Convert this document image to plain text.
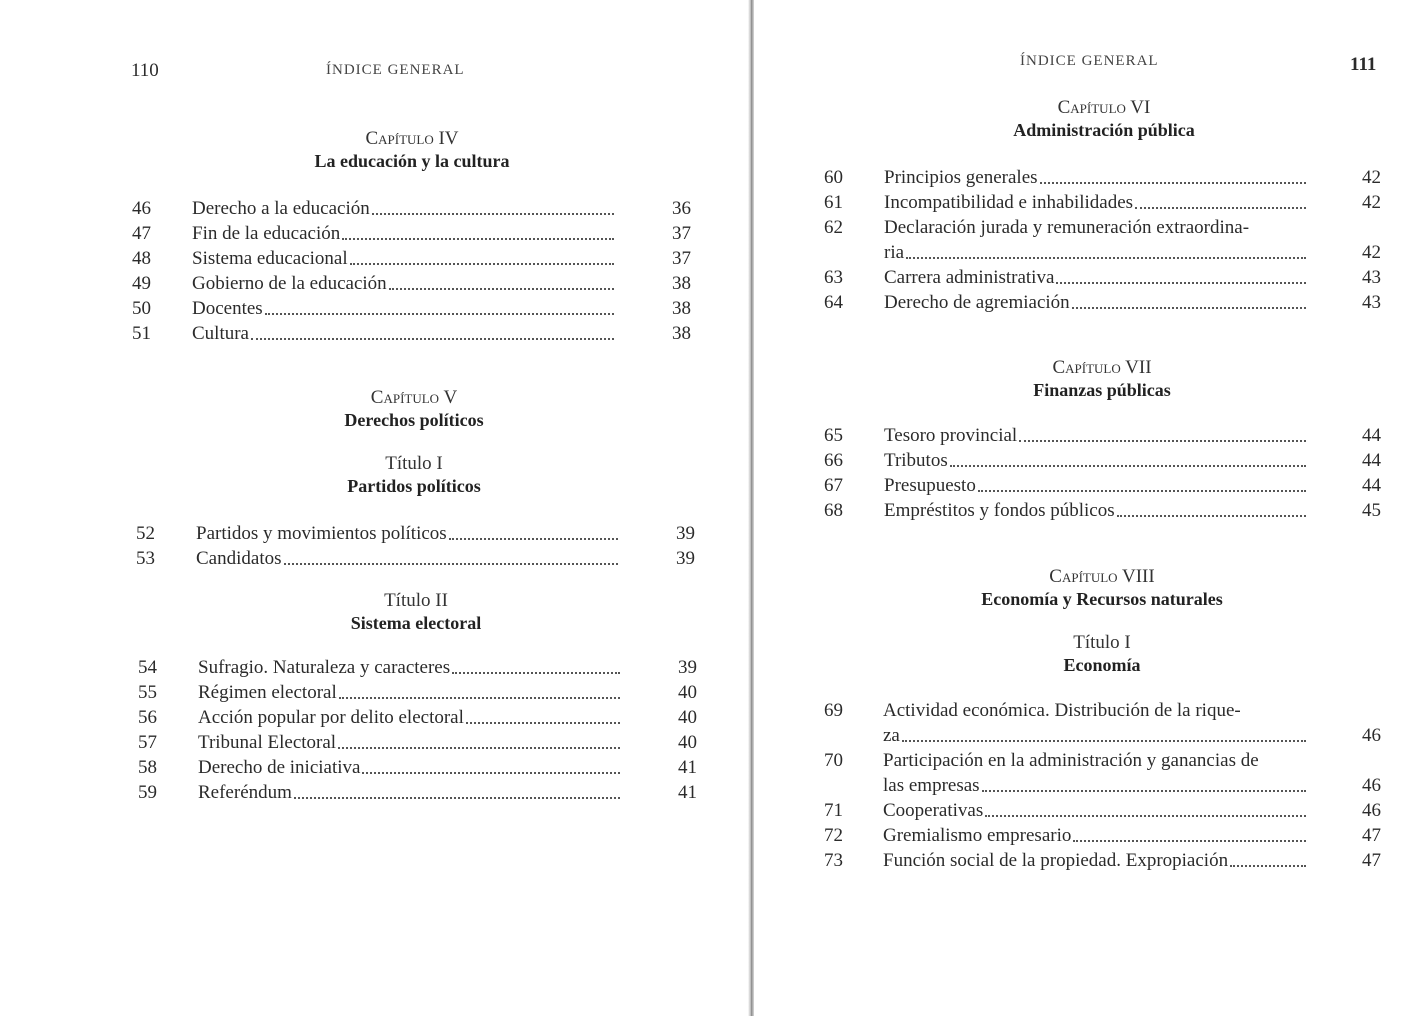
110	ÍNDICE GENERAL
Capítulo IV
La educación y la cultura
46 Derecho a la educación	36
47 Fin de la educación	37
48 Sistema educacional	37
49 Gobierno de la educación	38
50 Docentes	38
51 Cultura	38
Capítulo V
Derechos políticos
Título I
Partidos políticos
52 Partidos y movimientos políticos	39
53 Candidatos	39
Título II
Sistema electoral
54 Sufragio. Naturaleza y caracteres	39
55 Régimen electoral	40
56 Acción popular por delito electoral	40
57 Tribunal Electoral	40
58 Derecho de iniciativa	41
59 Referéndum	41
ÍNDICE GENERAL	111
Capítulo VI
Administración pública
60 Principios generales	42
61 Incompatibilidad e inhabilidades	42
62 Declaración jurada y remuneración extraordina-
ria	42
63 Carrera administrativa	43
64 Derecho de agremiación	43
Capítulo VII
Finanzas públicas
65 Tesoro provincial	44
66 Tributos	44
67 Presupuesto	44
68 Empréstitos y fondos públicos	45
Capítulo VIII
Economía y Recursos naturales
Título I
Economía
69 Actividad económica. Distribución de la rique-
za	46
70 Participación en la administración y ganancias de
las empresas	46
71 Cooperativas	46
72 Gremialismo empresario	47
73 Función social de la propiedad. Expropiación	47
